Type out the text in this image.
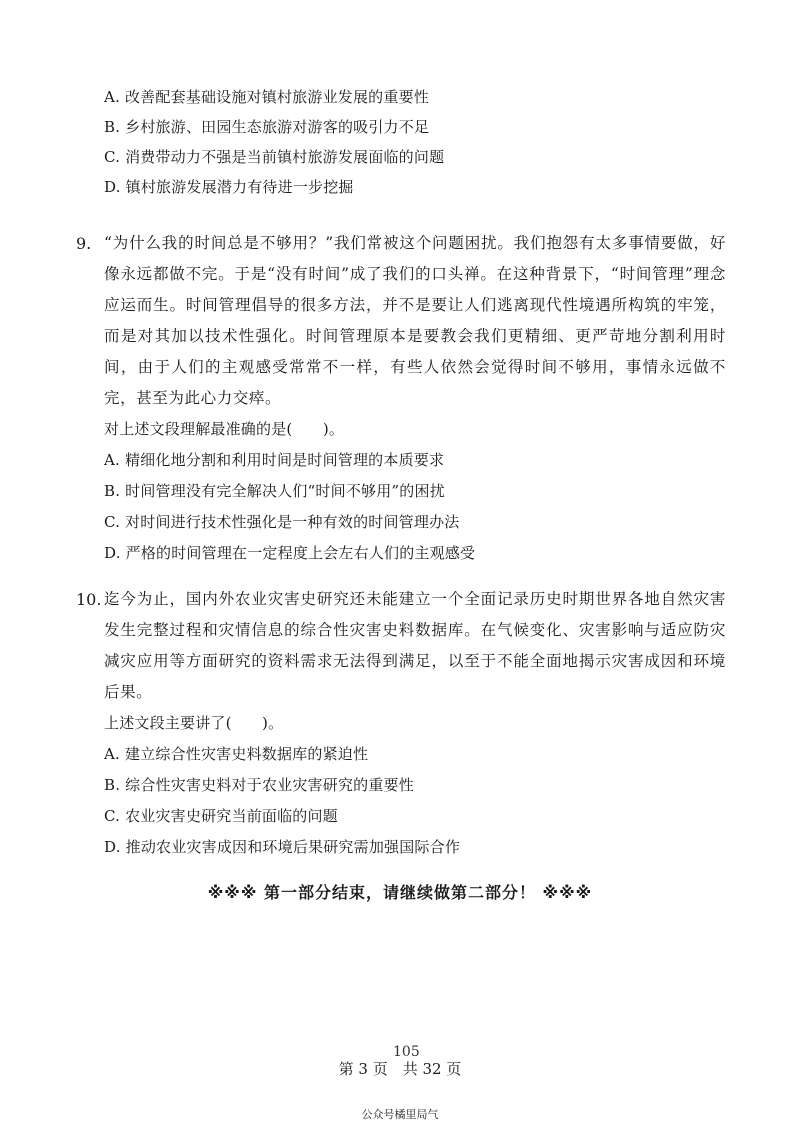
A. 改善配套基础设施对镇村旅游业发展的重要性
B. 乡村旅游、田园生态旅游对游客的吸引力不足
C. 消费带动力不强是当前镇村旅游发展面临的问题
D. 镇村旅游发展潜力有待进一步挖掘
9. “为什么我的时间总是不够用？”我们常被这个问题困扰。我们抱怨有太多事情要做，好像永远都做不完。于是“没有时间”成了我们的口头禅。在这种背景下，“时间管理”理念应运而生。时间管理倡导的很多方法，并不是要让人们逃离现代性境遇所构筑的牢笼，而是对其加以技术性强化。时间管理原本是要教会我们更精细、更严苛地分割利用时间，由于人们的主观感受常常不一样，有些人依然会觉得时间不够用，事情永远做不完，甚至为此心力交瘁。
对上述文段理解最准确的是(　　)。
A. 精细化地分割和利用时间是时间管理的本质要求
B. 时间管理没有完全解决人们“时间不够用”的困扰
C. 对时间进行技术性强化是一种有效的时间管理办法
D. 严格的时间管理在一定程度上会左右人们的主观感受
10. 迄今为止，国内外农业灾害史研究还未能建立一个全面记录历史时期世界各地自然灾害发生完整过程和灾情信息的综合性灾害史料数据库。在气候变化、灾害影响与适应防灾减灾应用等方面研究的资料需求无法得到满足，以至于不能全面地揭示灾害成因和环境后果。
上述文段主要讲了(　　)。
A. 建立综合性灾害史料数据库的紧迫性
B. 综合性灾害史料对于农业灾害研究的重要性
C. 农业灾害史研究当前面临的问题
D. 推动农业灾害成因和环境后果研究需加强国际合作
※※※ 第一部分结束，请继续做第二部分！ ※※※
105
第 3 页　共 32 页
公众号橘里局气
